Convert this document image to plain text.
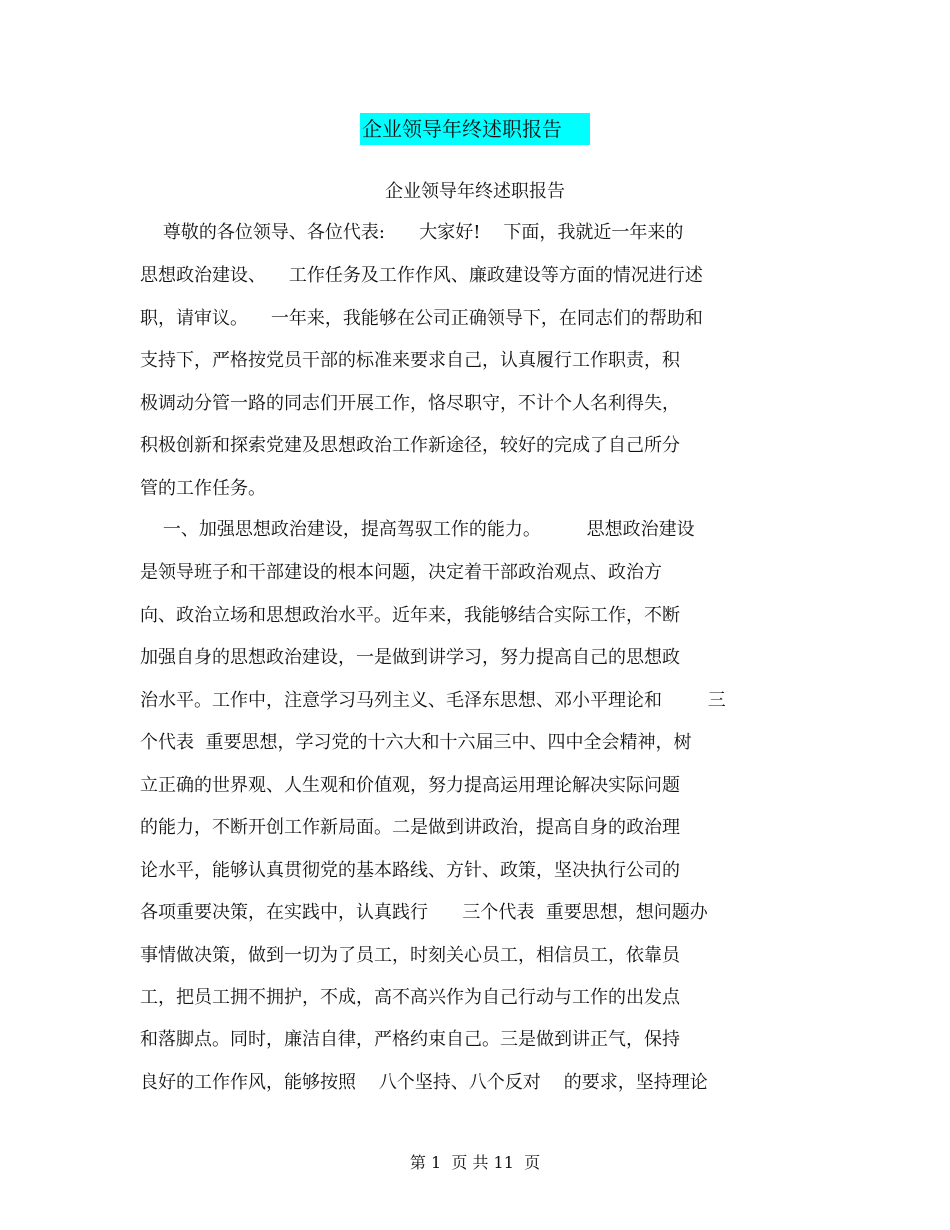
企业领导年终述职报告
企业领导年终述职报告
尊敬的各位领导、各位代表:      大家好!    下面，我就近一年来的
思想政治建设、    工作任务及工作作风、廉政建设等方面的情况进行述
职，请审议。    一年来，我能够在公司正确领导下，在同志们的帮助和
支持下，严格按党员干部的标准来要求自己，认真履行工作职责，积
极调动分管一路的同志们开展工作，恪尽职守，不计个人名利得失，
积极创新和探索党建及思想政治工作新途径，较好的完成了自己所分
管的工作任务。
一、加强思想政治建设，提高驾驭工作的能力。        思想政治建设
是领导班子和干部建设的根本问题，决定着干部政治观点、政治方
向、政治立场和思想政治水平。近年来，我能够结合实际工作，不断
加强自身的思想政治建设，一是做到讲学习，努力提高自己的思想政
治水平。工作中，注意学习马列主义、毛泽东思想、邓小平理论和        三
个代表  重要思想，学习党的十六大和十六届三中、四中全会精神，树
立正确的世界观、人生观和价值观，努力提高运用理论解决实际问题
的能力，不断开创工作新局面。二是做到讲政治，提高自身的政治理
论水平，能够认真贯彻党的基本路线、方针、政策，坚决执行公司的
各项重要决策，在实践中，认真践行      三个代表  重要思想，想问题办
事情做决策，做到一切为了员工，时刻关心员工，相信员工，依靠员
工，把员工拥不拥护，不成，高不高兴作为自己行动与工作的出发点
和落脚点。同时，廉洁自律，严格约束自己。三是做到讲正气，保持
良好的工作作风，能够按照    八个坚持、八个反对    的要求，坚持理论
第 1  页 共 11  页
